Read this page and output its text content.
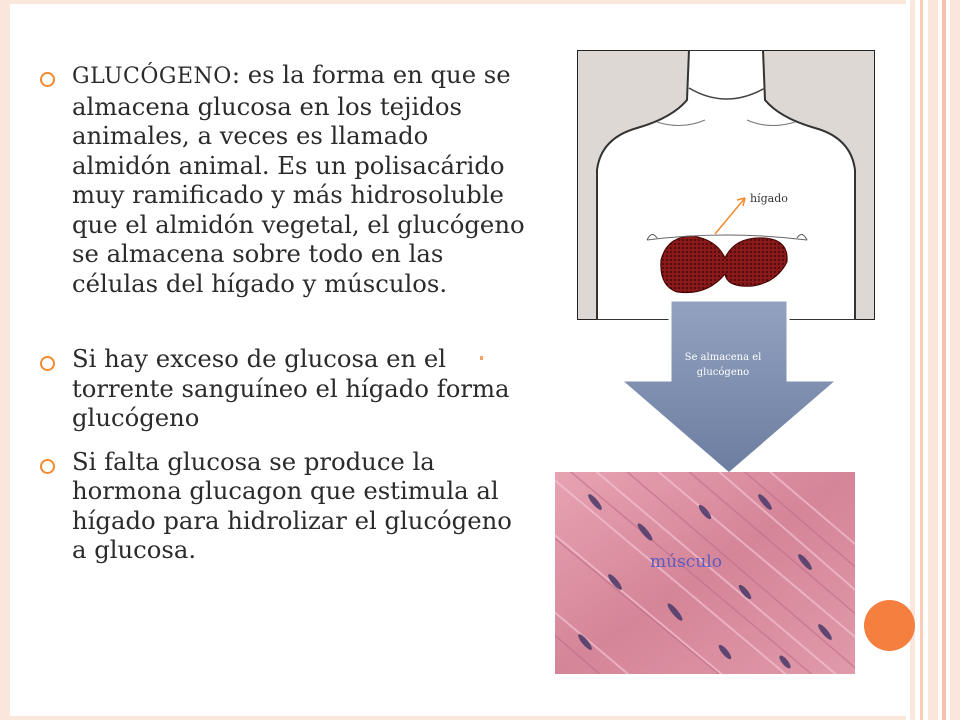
GLUCÓGENO: es la forma en que se almacena glucosa en los tejidos animales, a veces es llamado almidón animal. Es un polisacárido muy ramificado y más hidrosoluble que el almidón vegetal, el glucógeno se almacena sobre todo en las células del hígado y músculos.
Si hay exceso de glucosa en el torrente sanguíneo el hígado forma glucógeno
Si falta glucosa se produce la hormona glucagon que estimula al hígado para hidrolizar el glucógeno a glucosa.
hígado
Se almacena el glucógeno
músculo
